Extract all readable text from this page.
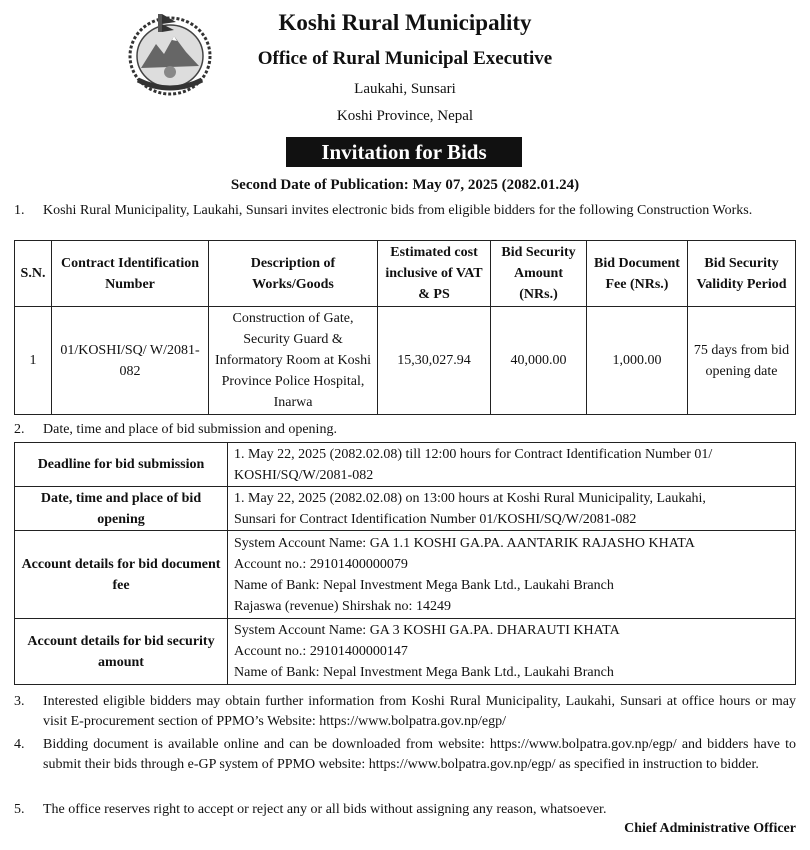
Koshi Rural Municipality
Office of Rural Municipal Executive
Laukahi, Sunsari
Koshi Province, Nepal
Invitation for Bids
Second Date of Publication: May 07, 2025 (2082.01.24)
1. Koshi Rural Municipality, Laukahi, Sunsari invites electronic bids from eligible bidders for the following Construction Works.
S.N.	Contract Identification Number	Description of Works/Goods	Estimated cost inclusive of VAT & PS	Bid Security Amount (NRs.)	Bid Document Fee (NRs.)	Bid Security Validity Period
1	01/KOSHI/SQ/ W/2081-082	Construction of Gate, Security Guard & Informatory Room at Koshi Province Police Hospital, Inarwa	15,30,027.94	40,000.00	1,000.00	75 days from bid opening date
2. Date, time and place of bid submission and opening.
Deadline for bid submission	1. May 22, 2025 (2082.02.08) till 12:00 hours for Contract Identification Number 01/
KOSHI/SQ/W/2081-082

Date, time and place of bid opening	1. May 22, 2025 (2082.02.08) on 13:00 hours at Koshi Rural Municipality, Laukahi,
Sunsari for Contract Identification Number 01/KOSHI/SQ/W/2081-082

Account details for bid document fee	System Account Name: GA 1.1 KOSHI GA.PA. AANTARIK RAJASHO KHATA
Account no.: 29101400000079
Name of Bank: Nepal Investment Mega Bank Ltd., Laukahi Branch
Rajaswa (revenue) Shirshak no: 14249

Account details for bid security amount	System Account Name: GA 3 KOSHI GA.PA. DHARAUTI KHATA
Account no.: 29101400000147
Name of Bank: Nepal Investment Mega Bank Ltd., Laukahi Branch
3. Interested eligible bidders may obtain further information from Koshi Rural Municipality, Laukahi, Sunsari at office hours or may visit E-procurement section of PPMO’s Website: https://www.bolpatra.gov.np/egp/
4. Bidding document is available online and can be downloaded from website: https://www.bolpatra.gov.np/egp/ and bidders have to submit their bids through e-GP system of PPMO website: https://www.bolpatra.gov.np/egp/ as specified in instruction to bidder.
5. The office reserves right to accept or reject any or all bids without assigning any reason, whatsoever.
Chief Administrative Officer
